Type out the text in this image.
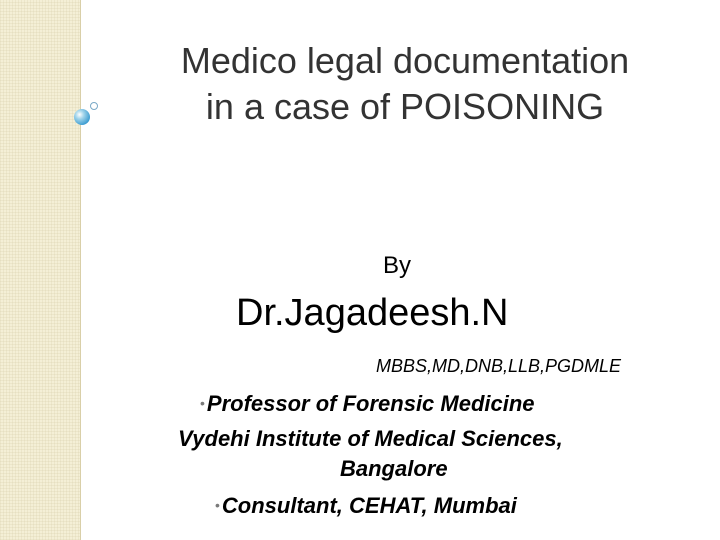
Medico legal documentation
in a case of POISONING
By
Dr.Jagadeesh.N
MBBS,MD,DNB,LLB,PGDMLE
•Professor of Forensic Medicine
Vydehi Institute of Medical Sciences,
Bangalore
•Consultant, CEHAT, Mumbai
